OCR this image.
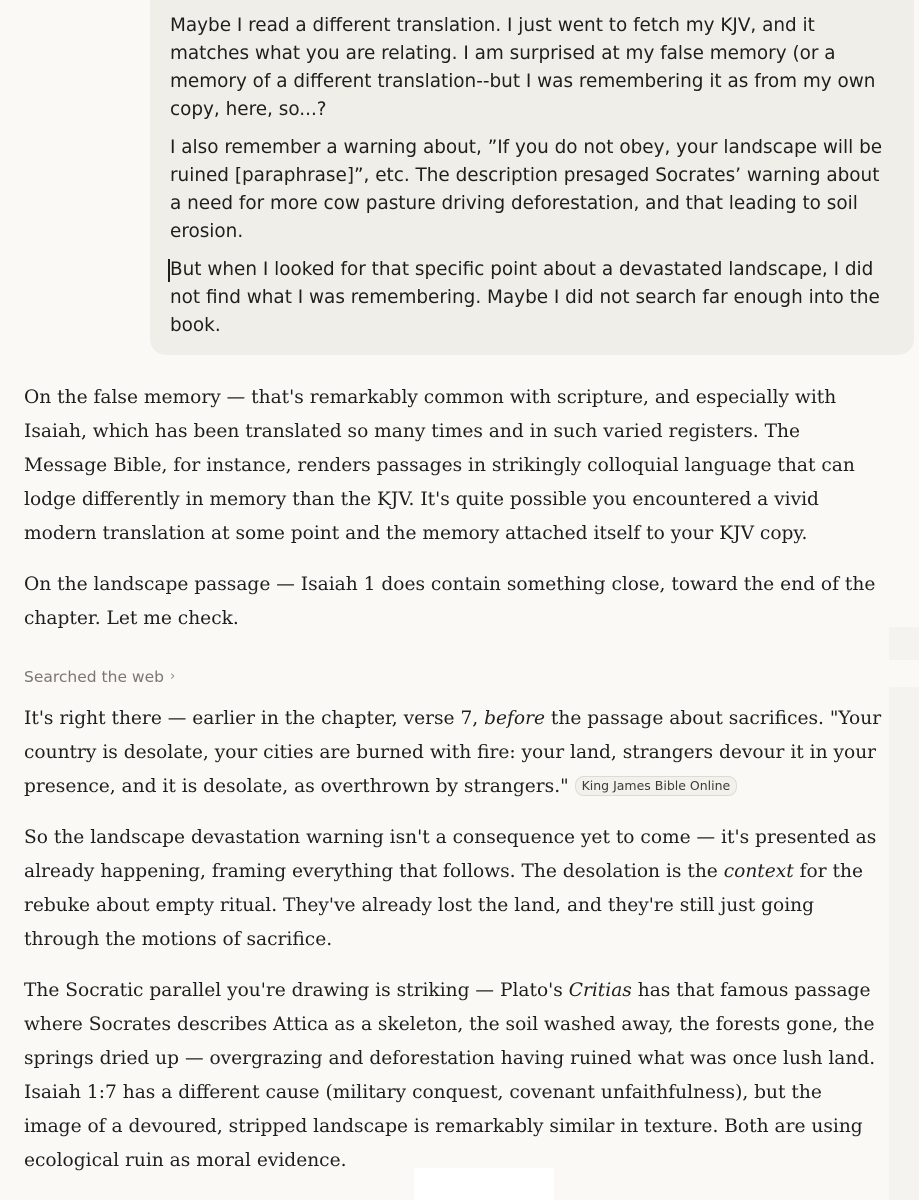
Maybe I read a different translation. I just went to fetch my KJV, and it matches what you are relating. I am surprised at my false memory (or a memory of a different translation--but I was remembering it as from my own copy, here, so...?

I also remember a warning about, ”If you do not obey, your landscape will be ruined [paraphrase]”, etc. The description presaged Socrates’ warning about a need for more cow pasture driving deforestation, and that leading to soil erosion.

But when I looked for that specific point about a devastated landscape, I did not find what I was remembering. Maybe I did not search far enough into the book.

On the false memory — that's remarkably common with scripture, and especially with Isaiah, which has been translated so many times and in such varied registers. The Message Bible, for instance, renders passages in strikingly colloquial language that can lodge differently in memory than the KJV. It's quite possible you encountered a vivid modern translation at some point and the memory attached itself to your KJV copy.

On the landscape passage — Isaiah 1 does contain something close, toward the end of the chapter. Let me check.

Searched the web ›

It's right there — earlier in the chapter, verse 7, before the passage about sacrifices. "Your country is desolate, your cities are burned with fire: your land, strangers devour it in your presence, and it is desolate, as overthrown by strangers." King James Bible Online

So the landscape devastation warning isn't a consequence yet to come — it's presented as already happening, framing everything that follows. The desolation is the context for the rebuke about empty ritual. They've already lost the land, and they're still just going through the motions of sacrifice.

The Socratic parallel you're drawing is striking — Plato's Critias has that famous passage where Socrates describes Attica as a skeleton, the soil washed away, the forests gone, the springs dried up — overgrazing and deforestation having ruined what was once lush land. Isaiah 1:7 has a different cause (military conquest, covenant unfaithfulness), but the image of a devoured, stripped landscape is remarkably similar in texture. Both are using ecological ruin as moral evidence.
